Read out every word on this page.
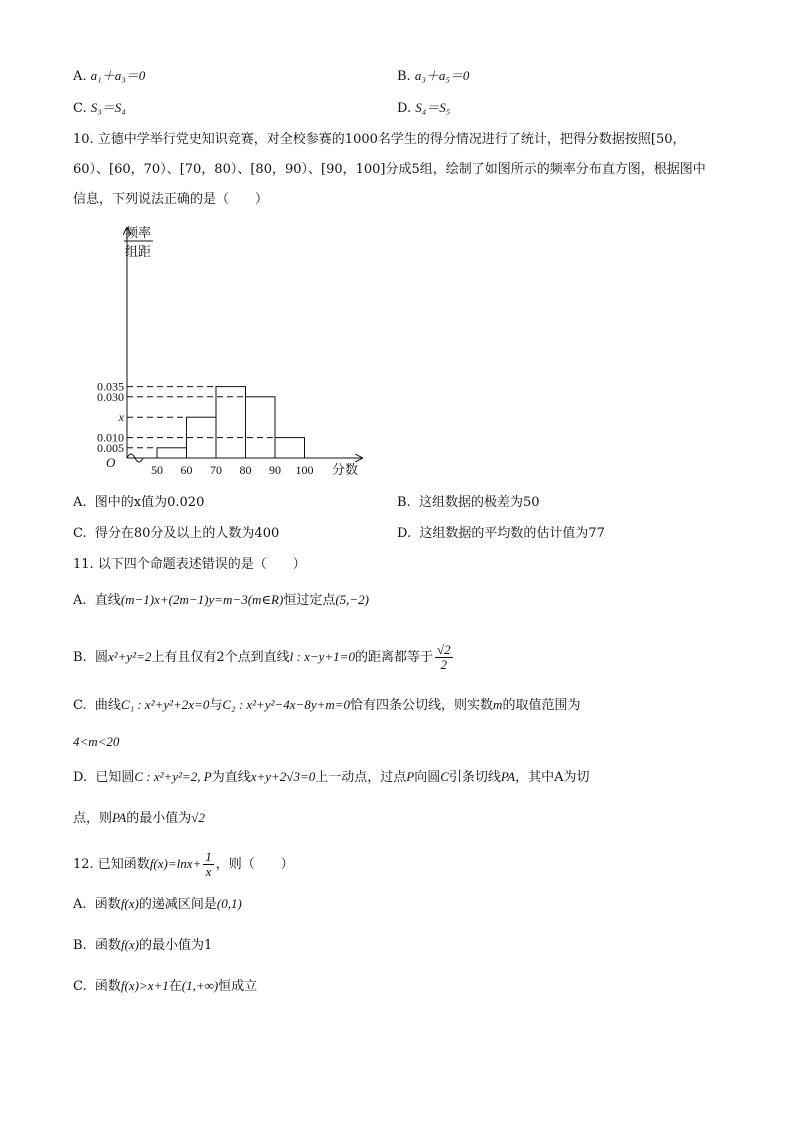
A. a₁＋a₃＝0	B. a₃＋a₅＝0
C. S₃＝S₄	D. S₄＝S₅
10. 立德中学举行党史知识竞赛，对全校参赛的1000名学生的得分情况进行了统计，把得分数据按照[50，
60）、[60，70）、[70，80）、[80，90）、[90，100]分成5组，绘制了如图所示的频率分布直方图，根据图中
信息，下列说法正确的是（　　）
0.005
0.010
x
0.030
0.035
50 60 70 80 90 100
频率
组距
分数
O
A. 图中的x值为0.020	B. 这组数据的极差为50
C. 得分在80分及以上的人数为400	D. 这组数据的平均数的估计值为77
11. 以下四个命题表述错误的是（　　）
A. 直线(m−1)x+(2m−1)y=m−3(m∈R)恒过定点(5,−2)
B. 圆x²+y²=2上有且仅有2个点到直线l : x−y+1=0的距离都等于 $\frac{√2}{2}$
C. 曲线C₁ : x²+y²+2x=0与C₂ : x²+y²−4x−8y+m=0恰有四条公切线，则实数m的取值范围为
4<m<20
D. 已知圆C : x²+y²=2, P为直线x+y+2√3=0上一动点，过点P向圆C引条切线PA，其中A为切
点，则PA的最小值为√2
12. 已知函数$f(x)=\ln x+ \frac{1}{x}$ ，则（　　）
A. 函数f(x)的递减区间是(0,1)
B. 函数f(x)的最小值为1
C. 函数f(x)>x+1在(1,+∞)恒成立
